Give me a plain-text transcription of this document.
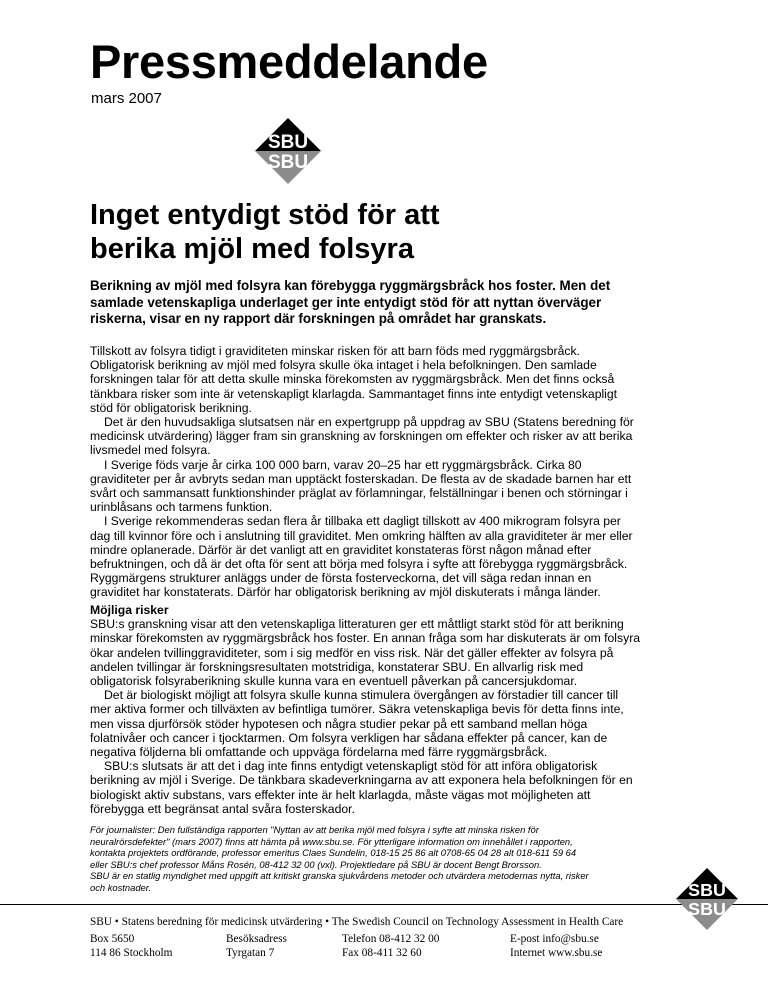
Pressmeddelande

mars 2007

SBU
SBU
Inget entydigt stöd för att
berika mjöl med folsyra
Berikning av mjöl med folsyra kan förebygga ryggmärgsbråck hos foster. Men det
samlade vetenskapliga underlaget ger inte entydigt stöd för att nyttan överväger
riskerna, visar en ny rapport där forskningen på området har granskats.

Tillskott av folsyra tidigt i graviditeten minskar risken för att barn föds med ryggmärgsbråck.

Obligatorisk berikning av mjöl med folsyra skulle öka intaget i hela befolkningen. Den samlade

forskningen talar för att detta skulle minska förekomsten av ryggmärgsbråck. Men det finns också

tänkbara risker som inte är vetenskapligt klarlagda. Sammantaget finns inte entydigt vetenskapligt

stöd för obligatorisk berikning.

Det är den huvudsakliga slutsatsen när en expertgrupp på uppdrag av SBU (Statens beredning för

medicinsk utvärdering) lägger fram sin granskning av forskningen om effekter och risker av att berika

livsmedel med folsyra.

I Sverige föds varje år cirka 100 000 barn, varav 20–25 har ett ryggmärgsbråck. Cirka 80

graviditeter per år avbryts sedan man upptäckt fosterskadan. De flesta av de skadade barnen har ett

svårt och sammansatt funktionshinder präglat av förlamningar, felställningar i benen och störningar i

urinblåsans och tarmens funktion.

I Sverige rekommenderas sedan flera år tillbaka ett dagligt tillskott av 400 mikrogram folsyra per

dag till kvinnor före och i anslutning till graviditet. Men omkring hälften av alla graviditeter är mer eller

mindre oplanerade. Därför är det vanligt att en graviditet konstateras först någon månad efter

befruktningen, och då är det ofta för sent att börja med folsyra i syfte att förebygga ryggmärgsbråck.

Ryggmärgens strukturer anläggs under de första fosterveckorna, det vill säga redan innan en

graviditet har konstaterats. Därför har obligatorisk berikning av mjöl diskuterats i många länder.

Möjliga risker

SBU:s granskning visar att den vetenskapliga litteraturen ger ett måttligt starkt stöd för att berikning

minskar förekomsten av ryggmärgsbråck hos foster. En annan fråga som har diskuterats är om folsyra

ökar andelen tvillinggraviditeter, som i sig medför en viss risk. När det gäller effekter av folsyra på

andelen tvillingar är forskningsresultaten motstridiga, konstaterar SBU. En allvarlig risk med

obligatorisk folsyraberikning skulle kunna vara en eventuell påverkan på cancersjukdomar.

Det är biologiskt möjligt att folsyra skulle kunna stimulera övergången av förstadier till cancer till

mer aktiva former och tillväxten av befintliga tumörer. Säkra vetenskapliga bevis för detta finns inte,

men vissa djurförsök stöder hypotesen och några studier pekar på ett samband mellan höga

folatnivåer och cancer i tjocktarmen. Om folsyra verkligen har sådana effekter på cancer, kan de

negativa följderna bli omfattande och uppväga fördelarna med färre ryggmärgsbråck.

SBU:s slutsats är att det i dag inte finns entydigt vetenskapligt stöd för att införa obligatorisk

berikning av mjöl i Sverige. De tänkbara skadeverkningarna av att exponera hela befolkningen för en

biologiskt aktiv substans, vars effekter inte är helt klarlagda, måste vägas mot möjligheten att

förebygga ett begränsat antal svåra fosterskador.

För journalister: Den fullständiga rapporten "Nyttan av att berika mjöl med folsyra i syfte att minska risken för

neuralrörsdefekter" (mars 2007) finns att hämta på www.sbu.se. För ytterligare information om innehållet i rapporten,

kontakta projektets ordförande, professor emeritus Claes Sundelin, 018-15 25 86 alt 0708-65 04 28 alt 018-611 59 64

eller SBU:s chef professor Måns Rosén, 08-412 32 00 (vxl). Projektledare på SBU är docent Bengt Brorsson.

SBU är en statlig myndighet med uppgift att kritiskt granska sjukvårdens metoder och utvärdera metodernas nytta, risker

och kostnader.	SBU
SBU

SBU • Statens beredning för medicinsk utvärdering • The Swedish Council on Technology Assessment in Health Care

Box 5650
114 86 Stockholm
Besöksadress
Tyrgatan 7
Telefon 08-412 32 00
Fax 08-411 32 60
E-post info@sbu.se
Internet www.sbu.se
